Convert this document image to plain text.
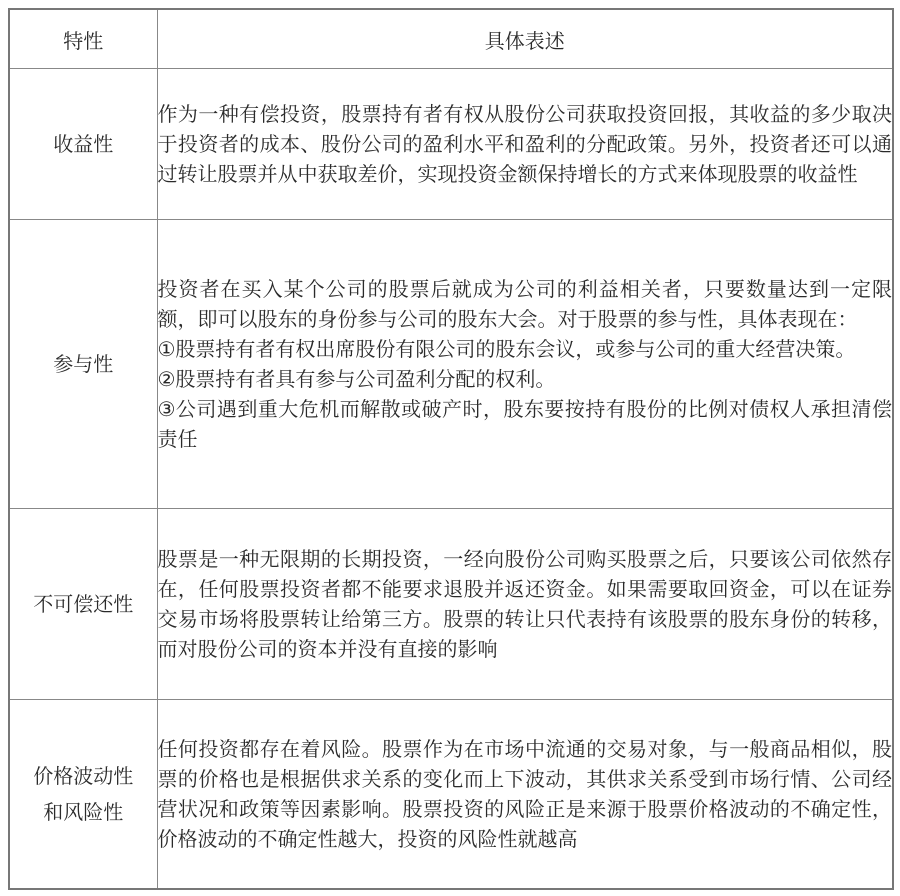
特性	具体表述
收益性	作为一种有偿投资，股票持有者有权从股份公司获取投资回报，其收益的多少取决于投资者的成本、股份公司的盈利水平和盈利的分配政策。另外，投资者还可以通过转让股票并从中获取差价，实现投资金额保持增长的方式来体现股票的收益性

参与性	投资者在买入某个公司的股票后就成为公司的利益相关者，只要数量达到一定限额，即可以股东的身份参与公司的股东大会。对于股票的参与性，具体表现在：

①股票持有者有权出席股份有限公司的股东会议，或参与公司的重大经营决策。

②股票持有者具有参与公司盈利分配的权利。

③公司遇到重大危机而解散或破产时，股东要按持有股份的比例对债权人承担清偿责任

不可偿还性	股票是一种无限期的长期投资，一经向股份公司购买股票之后，只要该公司依然存在，任何股票投资者都不能要求退股并返还资金。如果需要取回资金，可以在证券交易市场将股票转让给第三方。股票的转让只代表持有该股票的股东身份的转移，而对股份公司的资本并没有直接的影响

价格波动性
和风险性	任何投资都存在着风险。股票作为在市场中流通的交易对象，与一般商品相似，股票的价格也是根据供求关系的变化而上下波动，其供求关系受到市场行情、公司经营状况和政策等因素影响。股票投资的风险正是来源于股票价格波动的不确定性，价格波动的不确定性越大，投资的风险性就越高
